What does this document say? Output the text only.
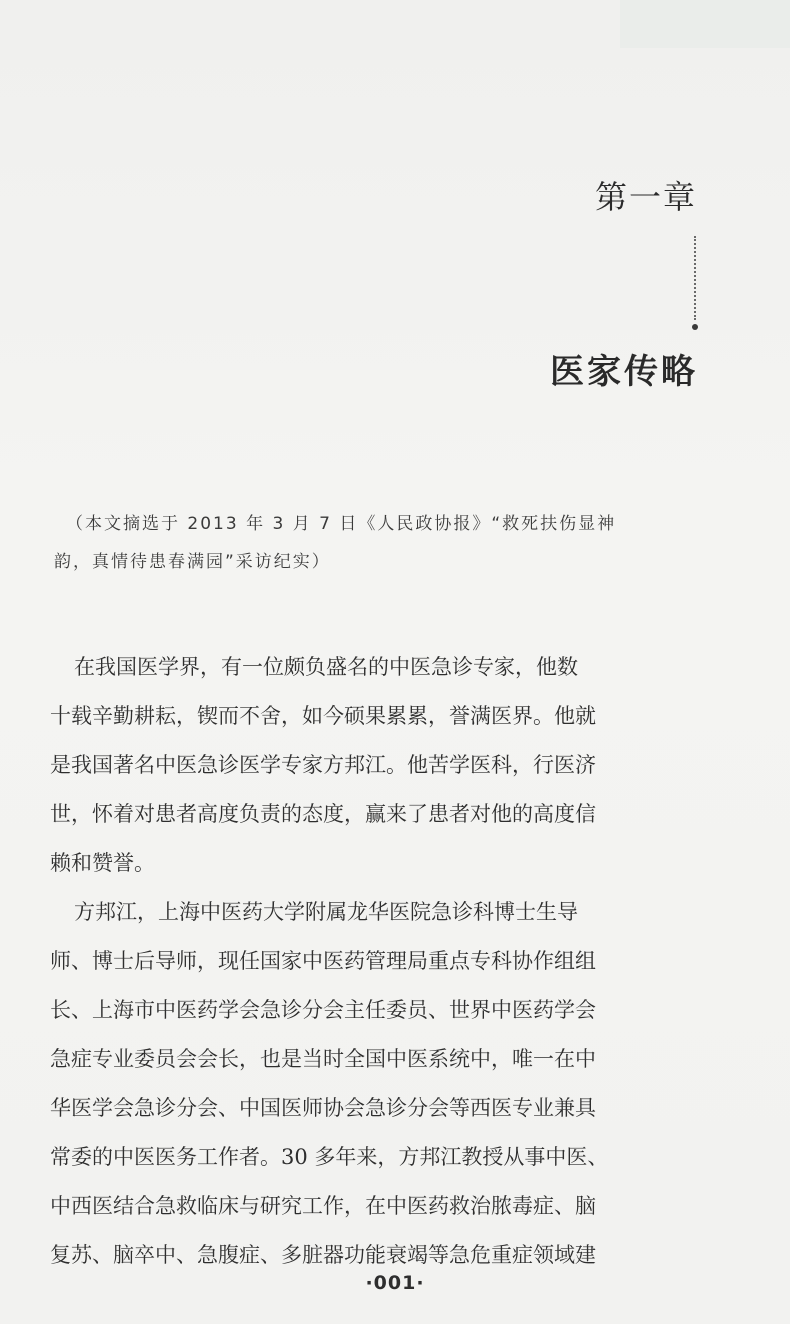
第一章
医家传略
（本文摘选于 2013 年 3 月 7 日《人民政协报》“救死扶伤显神
韵，真情待患春满园”采访纪实）
在我国医学界，有一位颇负盛名的中医急诊专家，他数
十载辛勤耕耘，锲而不舍，如今硕果累累，誉满医界。他就
是我国著名中医急诊医学专家方邦江。他苦学医科，行医济
世，怀着对患者高度负责的态度，赢来了患者对他的高度信
赖和赞誉。
方邦江，上海中医药大学附属龙华医院急诊科博士生导
师、博士后导师，现任国家中医药管理局重点专科协作组组
长、上海市中医药学会急诊分会主任委员、世界中医药学会
急症专业委员会会长，也是当时全国中医系统中，唯一在中
华医学会急诊分会、中国医师协会急诊分会等西医专业兼具
常委的中医医务工作者。30 多年来，方邦江教授从事中医、
中西医结合急救临床与研究工作，在中医药救治脓毒症、脑
复苏、脑卒中、急腹症、多脏器功能衰竭等急危重症领域建
·001·
